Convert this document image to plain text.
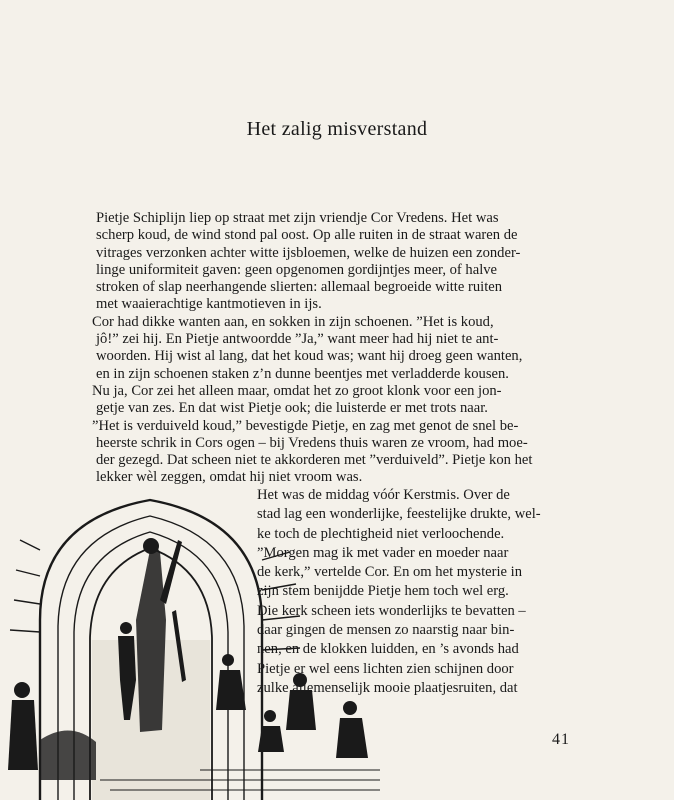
Het zalig misverstand
Pietje Schiplijn liep op straat met zijn vriendje Cor Vredens. Het was
scherp koud, de wind stond pal oost. Op alle ruiten in de straat waren de
vitrages verzonken achter witte ijsbloemen, welke de huizen een zonder-
linge uniformiteit gaven: geen opgenomen gordijntjes meer, of halve
stroken of slap neerhangende slierten: allemaal begroeide witte ruiten
met waaierachtige kantmotieven in ijs.
Cor had dikke wanten aan, en sokken in zijn schoenen. ”Het is koud,
jô!” zei hij. En Pietje antwoordde ”Ja,” want meer had hij niet te ant-
woorden. Hij wist al lang, dat het koud was; want hij droeg geen wanten,
en in zijn schoenen staken z’n dunne beentjes met verladderde kousen.
Nu ja, Cor zei het alleen maar, omdat het zo groot klonk voor een jon-
getje van zes. En dat wist Pietje ook; die luisterde er met trots naar.
”Het is verduiveld koud,” bevestigde Pietje, en zag met genot de snel be-
heerste schrik in Cors ogen – bij Vredens thuis waren ze vroom, had moe-
der gezegd. Dat scheen niet te akkorderen met ”verduiveld”. Pietje kon het
lekker wèl zeggen, omdat hij niet vroom was.
Het was de middag vóór Kerstmis. Over de
stad lag een wonderlijke, feestelijke drukte, wel-
ke toch de plechtigheid niet verloochende.
”Morgen mag ik met vader en moeder naar
de kerk,” vertelde Cor. En om het mysterie in
zijn stem benijdde Pietje hem toch wel erg.
Die kerk scheen iets wonderlijks te bevatten –
daar gingen de mensen zo naarstig naar bin-
nen, en de klokken luidden, en ’s avonds had
Pietje er wel eens lichten zien schijnen door
zulke allemenselijk mooie plaatjesruiten, dat
41
